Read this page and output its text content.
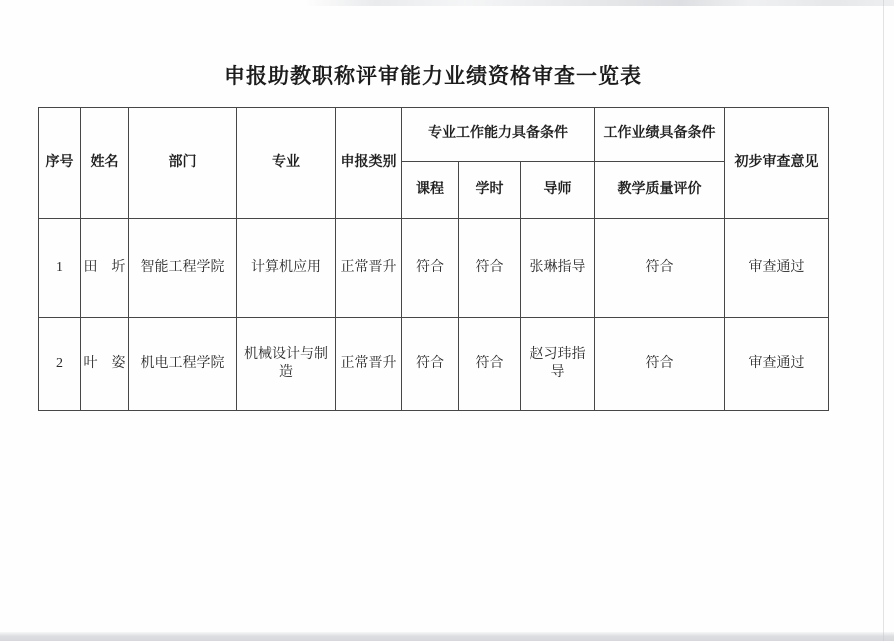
申报助教职称评审能力业绩资格审查一览表
序号	姓名	部门	专业	申报类别	专业工作能力具备条件			工作业绩具备条件	初步审查意见
					课程	学时	导师	教学质量评价	
1	田　圻	智能工程学院	计算机应用	正常晋升	符合	符合	张琳指导	符合	审查通过
2	叶　姿	机电工程学院	机械设计与制造	正常晋升	符合	符合	赵习玮指导	符合	审查通过
